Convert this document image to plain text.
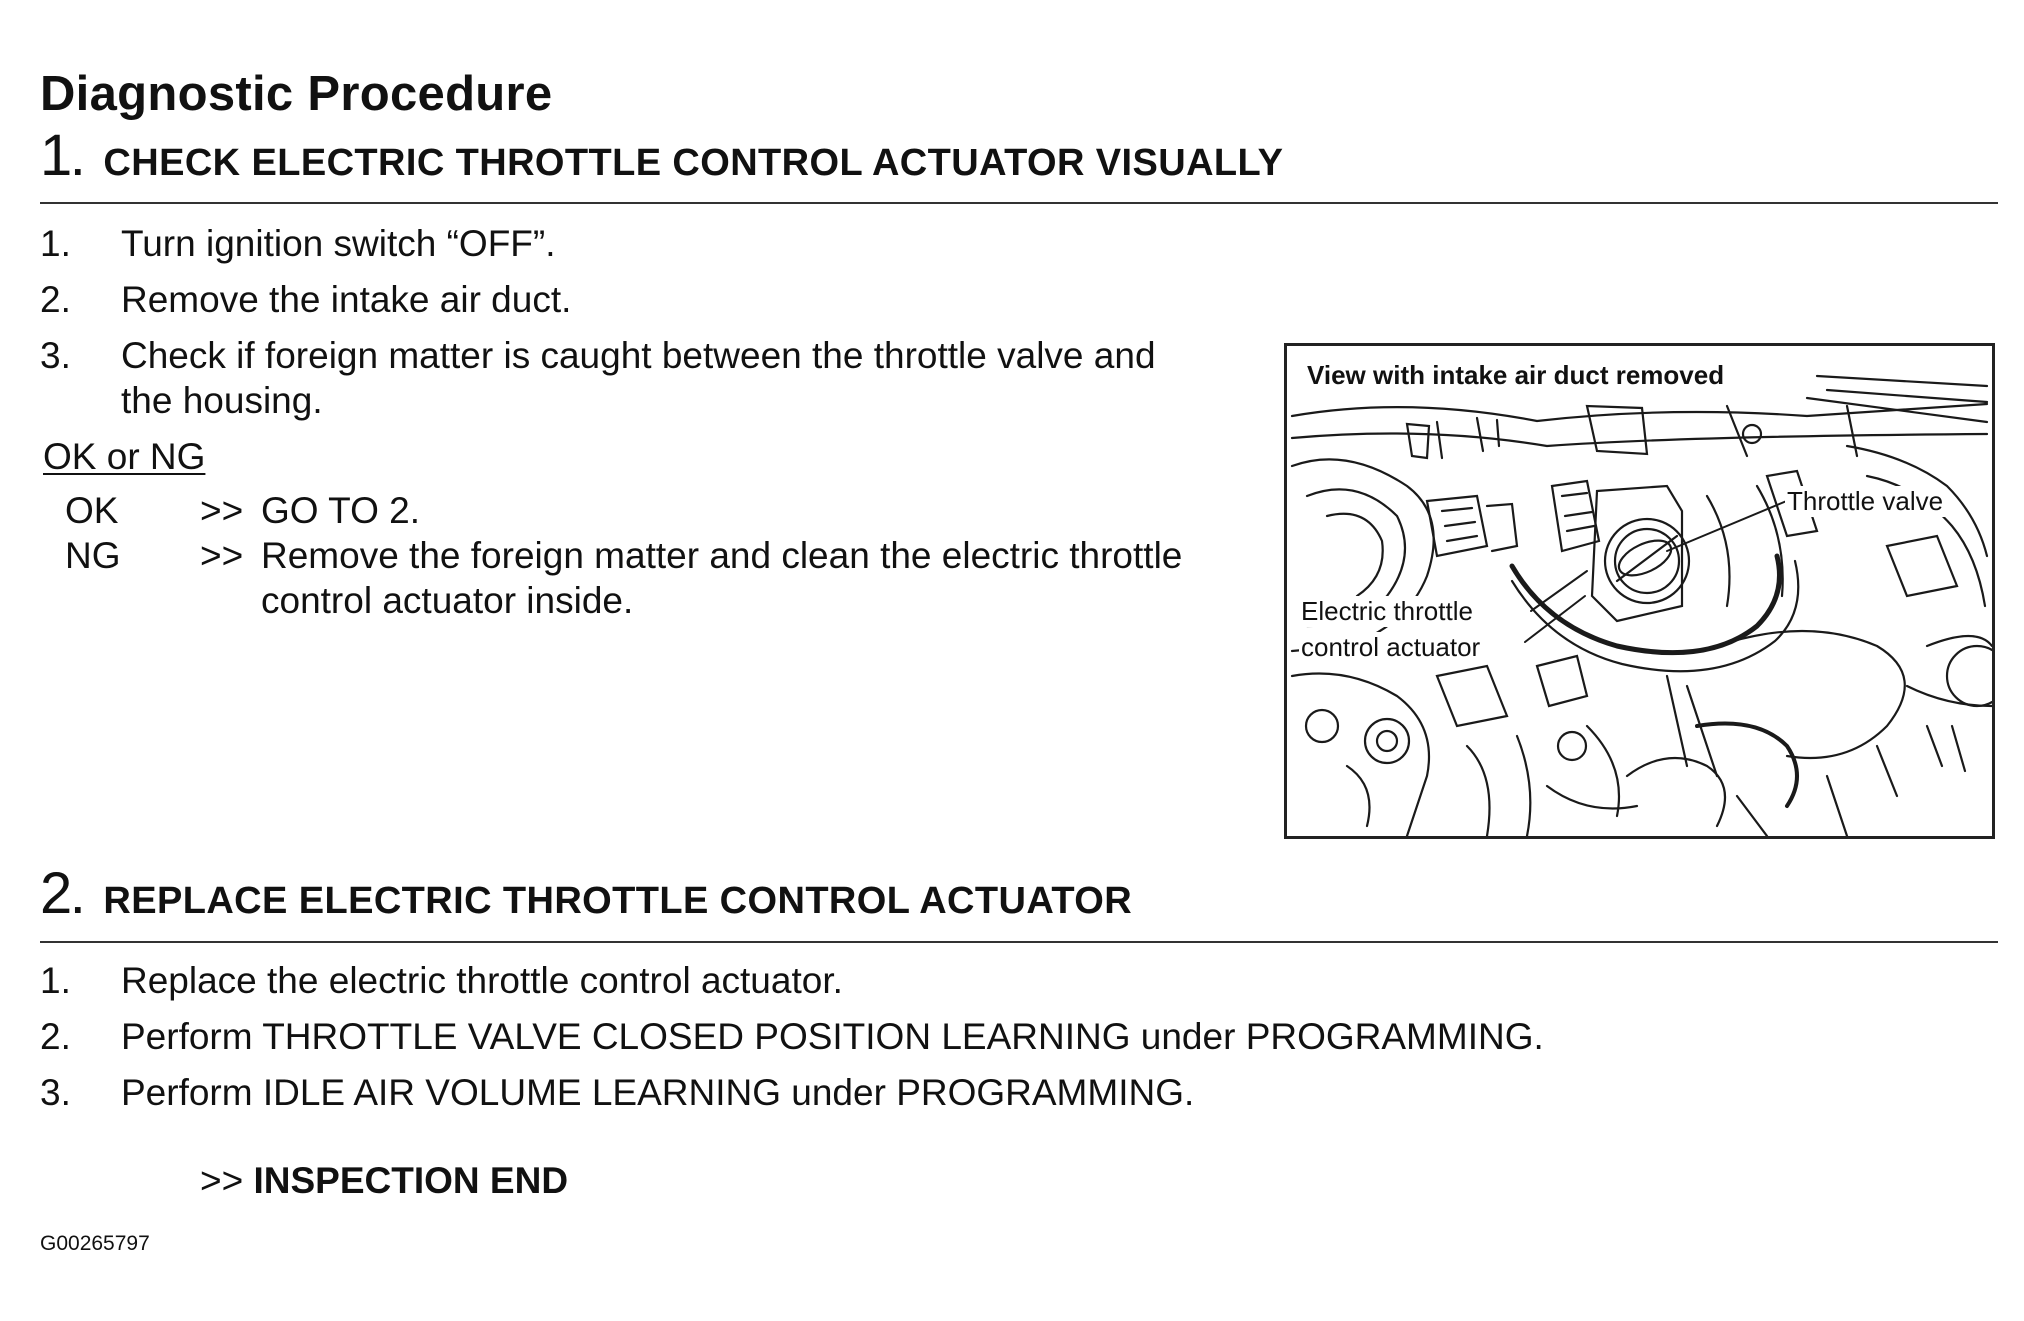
Diagnostic Procedure
1 . CHECK ELECTRIC THROTTLE CONTROL ACTUATOR VISUALLY
1. Turn ignition switch “OFF”.
2. Remove the intake air duct.
3. Check if foreign matter is caught between the throttle valve and
the housing.
OK or NG
OK >> GO TO 2.
NG >> Remove the foreign matter and clean the electric throttle
control actuator inside.
View with intake air duct removed
Throttle valve
Electric throttle
control actuator
2 . REPLACE ELECTRIC THROTTLE CONTROL ACTUATOR
1. Replace the electric throttle control actuator.
2. Perform THROTTLE VALVE CLOSED POSITION LEARNING under PROGRAMMING.
3. Perform IDLE AIR VOLUME LEARNING under PROGRAMMING.
>> INSPECTION END
G00265797
